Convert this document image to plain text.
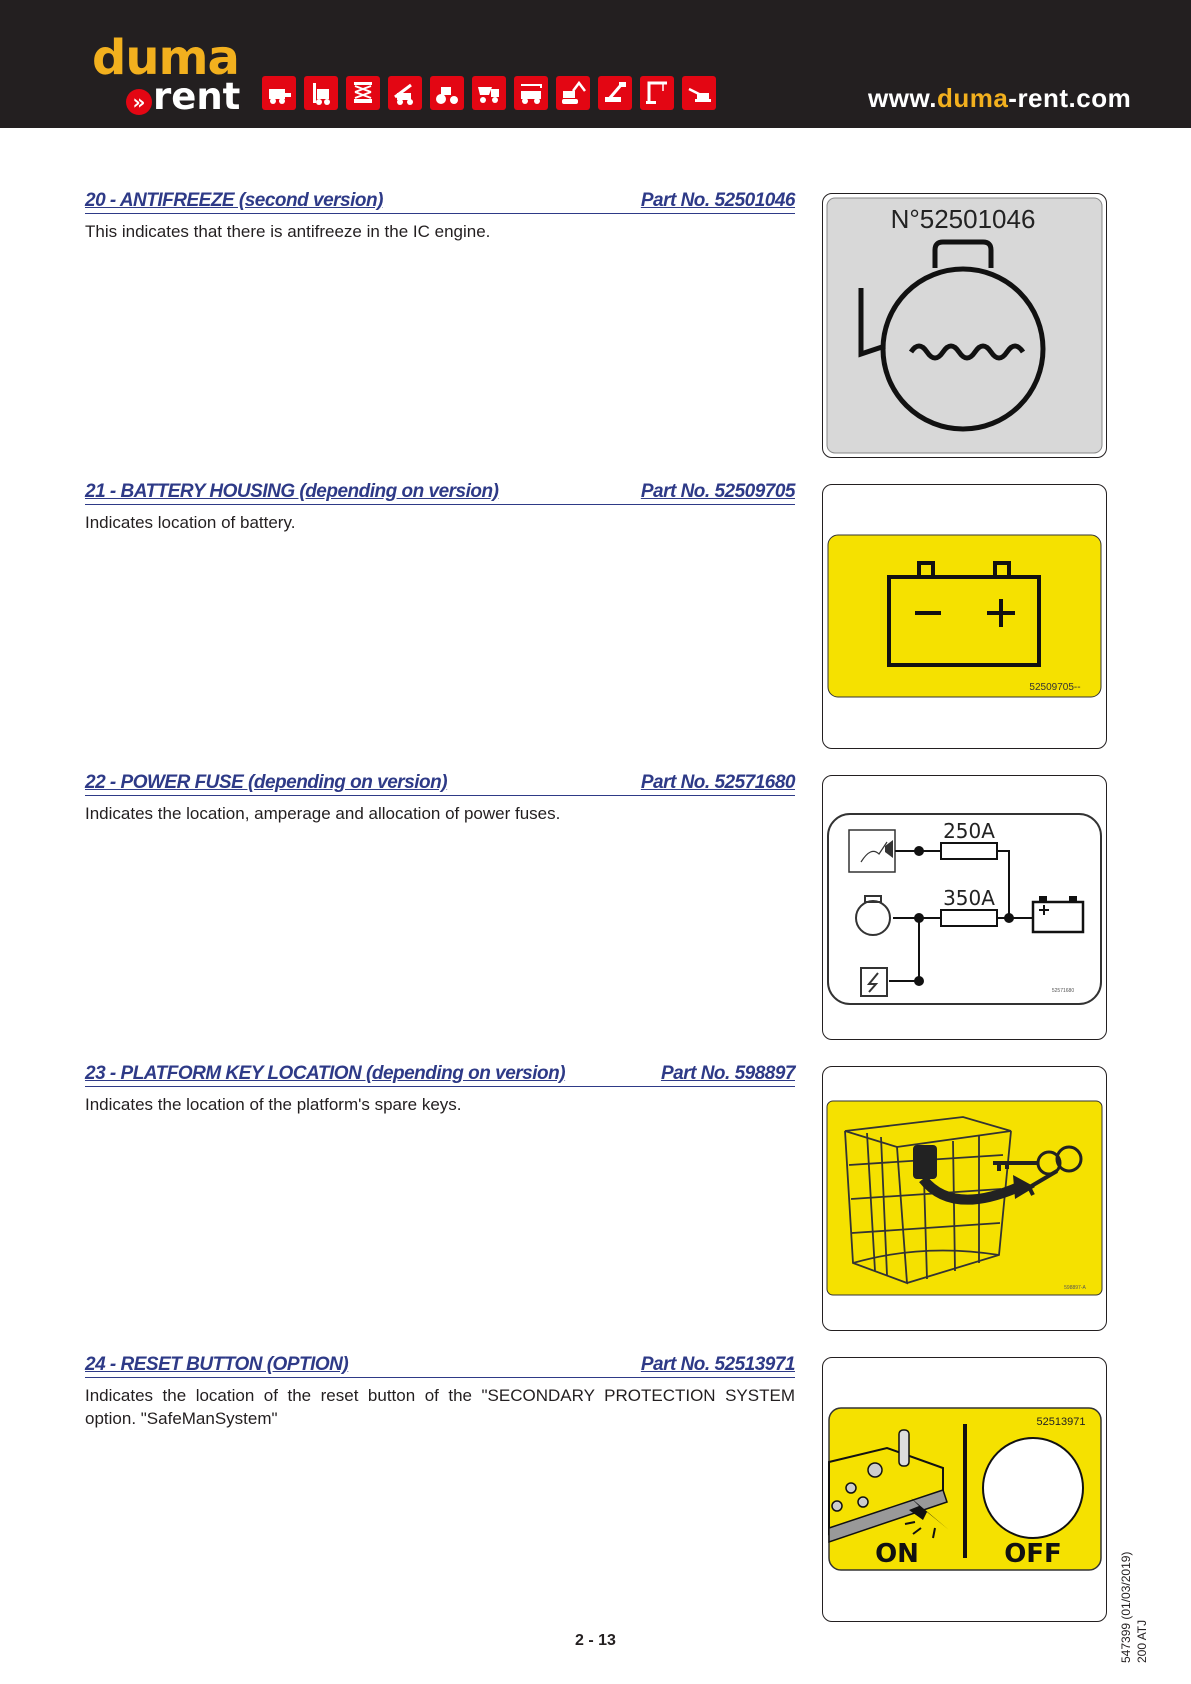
duma
» rent	www.duma-rent.com
20 - ANTIFREEZE (second version)	Part No. 52501046
This indicates that there is antifreeze in the IC engine.	N°52501046
21 - BATTERY HOUSING (depending on version)	Part No. 52509705
Indicates location of battery.
52509705--
22 - POWER FUSE (depending on version)	Part No. 52571680
Indicates the location, amperage and allocation of power fuses.
250A
350A
52571680
23 - PLATFORM KEY LOCATION (depending on version)	Part No. 598897
Indicates the location of the platform's spare keys.
598897-A
24 - RESET BUTTON (OPTION)	Part No. 52513971
Indicates the location of the reset button of the "SECONDARY PROTECTION SYSTEM option. "SafeManSystem"	52513971
ON	OFF	547399 (01/03/2019) 200 ATJ
2 - 13
